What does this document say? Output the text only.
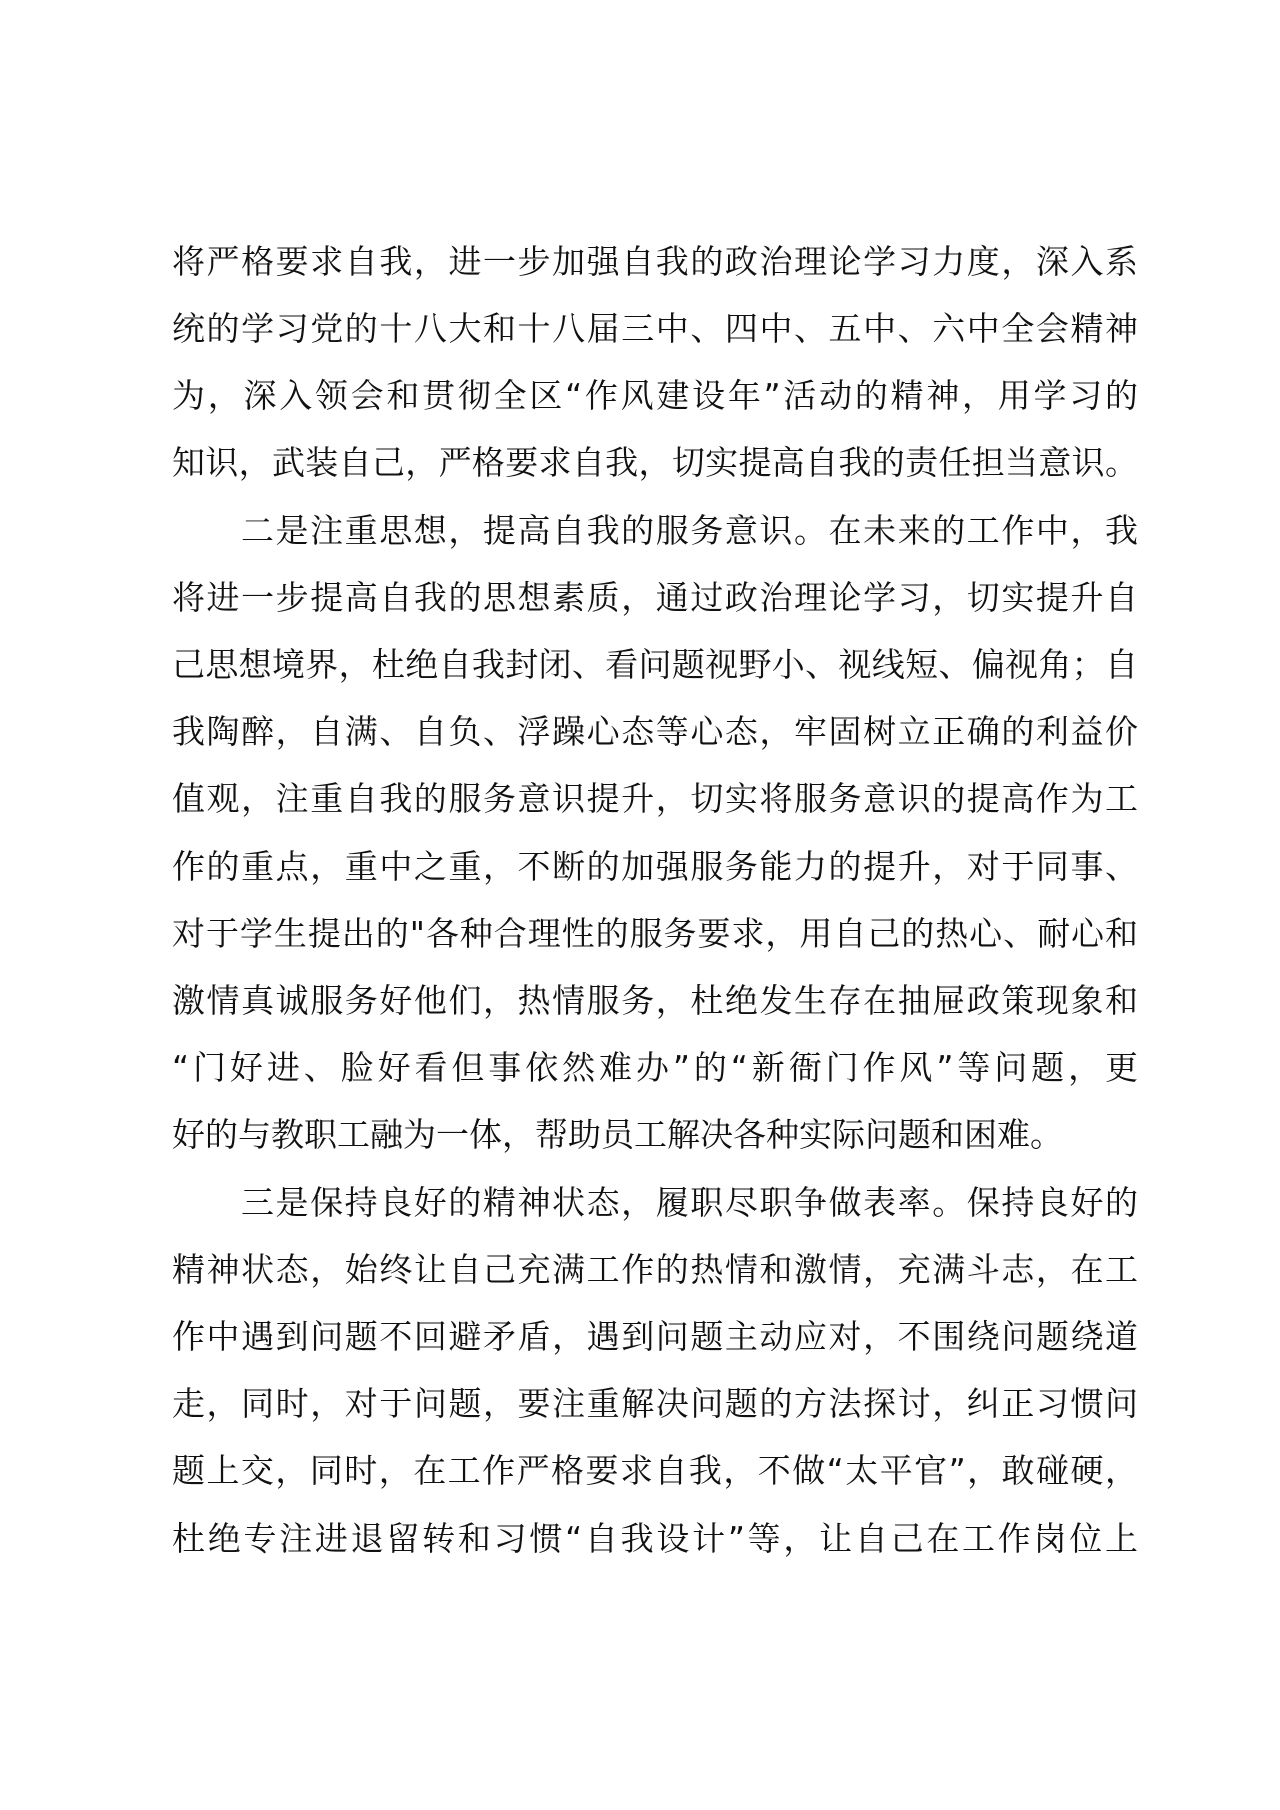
将严格要求自我，进一步加强自我的政治理论学习力度，深入系
统的学习党的十八大和十八届三中、四中、五中、六中全会精神
为，深入领会和贯彻全区“作风建设年”活动的精神，用学习的
知识，武装自己，严格要求自我，切实提高自我的责任担当意识。
二是注重思想，提高自我的服务意识。在未来的工作中，我
将进一步提高自我的思想素质，通过政治理论学习，切实提升自
己思想境界，杜绝自我封闭、看问题视野小、视线短、偏视角；自
我陶醉，自满、自负、浮躁心态等心态，牢固树立正确的利益价
值观，注重自我的服务意识提升，切实将服务意识的提高作为工
作的重点，重中之重，不断的加强服务能力的提升，对于同事、
对于学生提出的"各种合理性的服务要求，用自己的热心、耐心和
激情真诚服务好他们，热情服务，杜绝发生存在抽屉政策现象和
“门好进、脸好看但事依然难办”的“新衙门作风”等问题，更
好的与教职工融为一体，帮助员工解决各种实际问题和困难。
三是保持良好的精神状态，履职尽职争做表率。保持良好的
精神状态，始终让自己充满工作的热情和激情，充满斗志，在工
作中遇到问题不回避矛盾，遇到问题主动应对，不围绕问题绕道
走，同时，对于问题，要注重解决问题的方法探讨，纠正习惯问
题上交，同时，在工作严格要求自我，不做“太平官”，敢碰硬，
杜绝专注进退留转和习惯“自我设计”等，让自己在工作岗位上
